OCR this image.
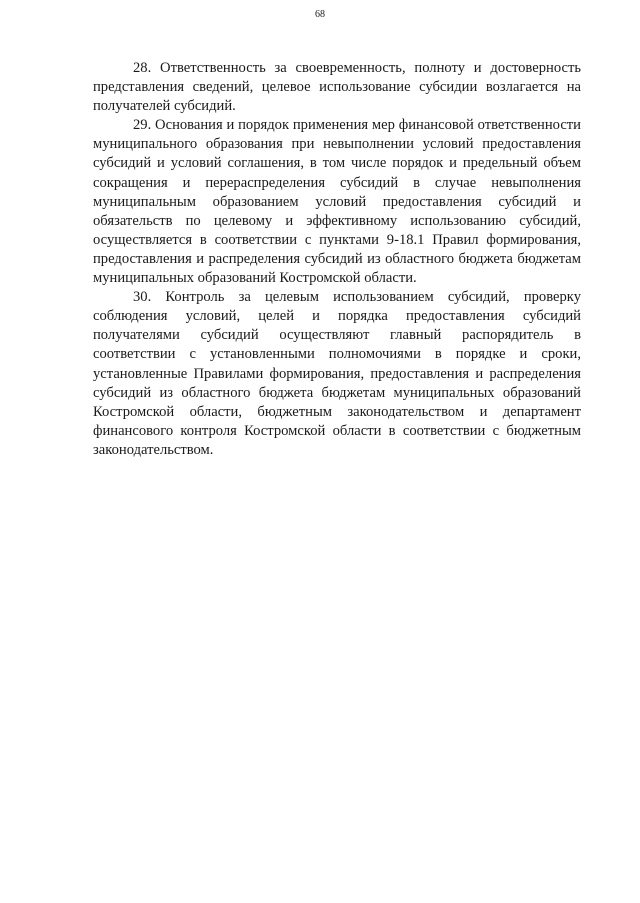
68

28. Ответственность за своевременность, полноту и достоверность представления сведений, целевое использование субсидии возлагается на получателей субсидий.

29. Основания и порядок применения мер финансовой ответственности муниципального образования при невыполнении условий предоставления субсидий и условий соглашения, в том числе порядок и предельный объем сокращения и перераспределения субсидий в случае невыполнения муниципальным образованием условий предоставления субсидий и обязательств по целевому и эффективному использованию субсидий, осуществляется в соответствии с пунктами 9-18.1 Правил формирования, предоставления и распределения субсидий из областного бюджета бюджетам муниципальных образований Костромской области.

30. Контроль за целевым использованием субсидий, проверку соблюдения условий, целей и порядка предоставления субсидий получателями субсидий осуществляют главный распорядитель в соответствии с установленными полномочиями в порядке и сроки, установленные Правилами формирования, предоставления и распределения субсидий из областного бюджета бюджетам муниципальных образований Костромской области, бюджетным законодательством и департамент финансового контроля Костромской области в соответствии с бюджетным законодательством.
